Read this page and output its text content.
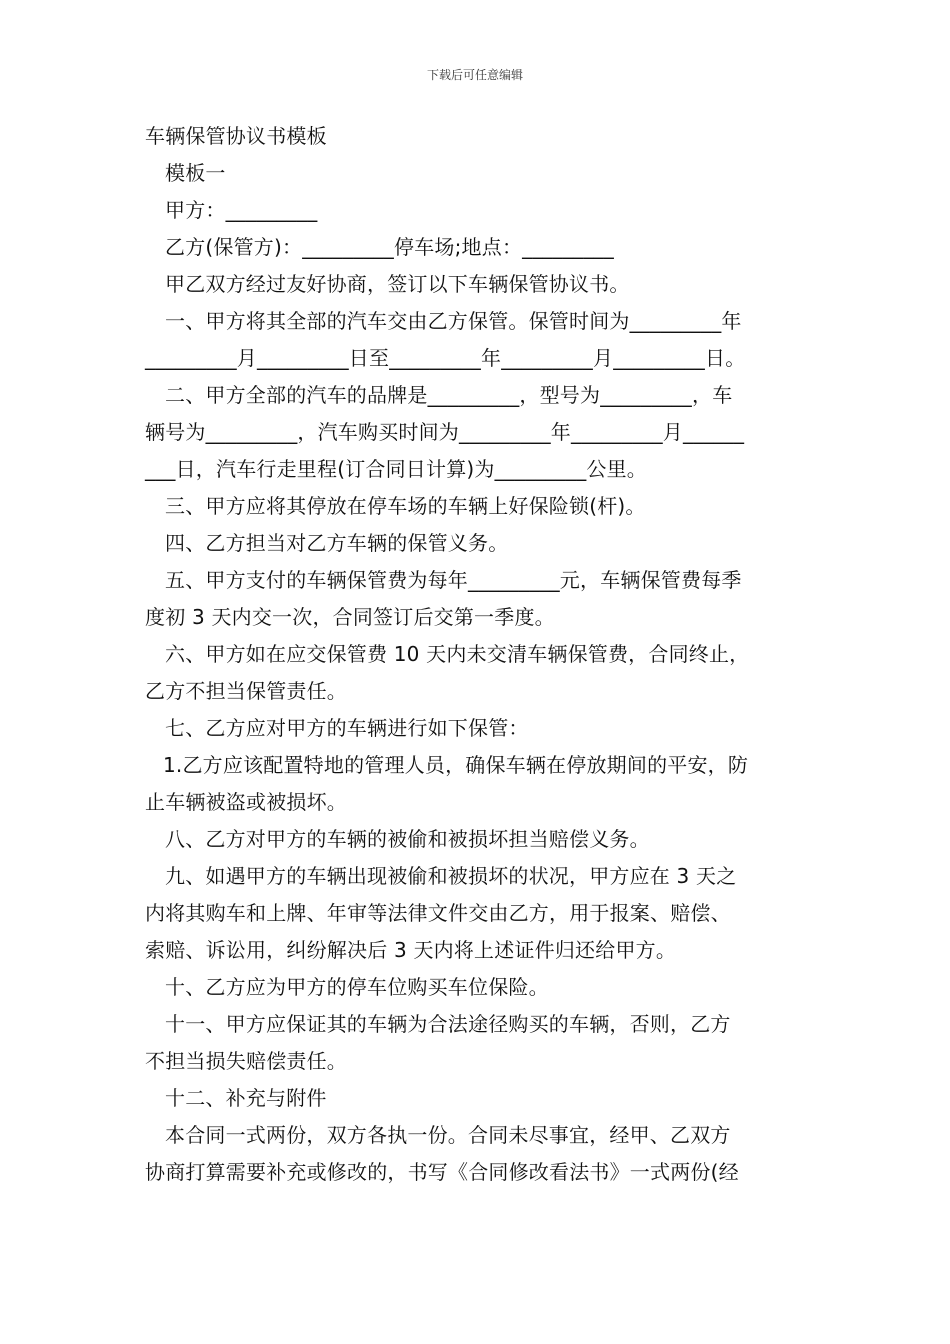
下载后可任意编辑
车辆保管协议书模板
模板一
甲方：_________
乙方(保管方)：_________停车场;地点：_________
甲乙双方经过友好协商，签订以下车辆保管协议书。
一、甲方将其全部的汽车交由乙方保管。保管时间为_________年
_________月_________日至_________年_________月_________日。
二、甲方全部的汽车的品牌是_________，型号为_________，车
辆号为_________，汽车购买时间为_________年_________月______
___日，汽车行走里程(订合同日计算)为_________公里。
三、甲方应将其停放在停车场的车辆上好保险锁(杆)。
四、乙方担当对乙方车辆的保管义务。
五、甲方支付的车辆保管费为每年_________元，车辆保管费每季
度初 3 天内交一次，合同签订后交第一季度。
六、甲方如在应交保管费 10 天内未交清车辆保管费，合同终止，
乙方不担当保管责任。
七、乙方应对甲方的车辆进行如下保管：
1.乙方应该配置特地的管理人员，确保车辆在停放期间的平安，防
止车辆被盗或被损坏。
八、乙方对甲方的车辆的被偷和被损坏担当赔偿义务。
九、如遇甲方的车辆出现被偷和被损坏的状况，甲方应在 3 天之
内将其购车和上牌、年审等法律文件交由乙方，用于报案、赔偿、
索赔、诉讼用，纠纷解决后 3 天内将上述证件归还给甲方。
十、乙方应为甲方的停车位购买车位保险。
十一、甲方应保证其的车辆为合法途径购买的车辆，否则，乙方
不担当损失赔偿责任。
十二、补充与附件
本合同一式两份，双方各执一份。合同未尽事宜，经甲、乙双方
协商打算需要补充或修改的，书写《合同修改看法书》一式两份(经
